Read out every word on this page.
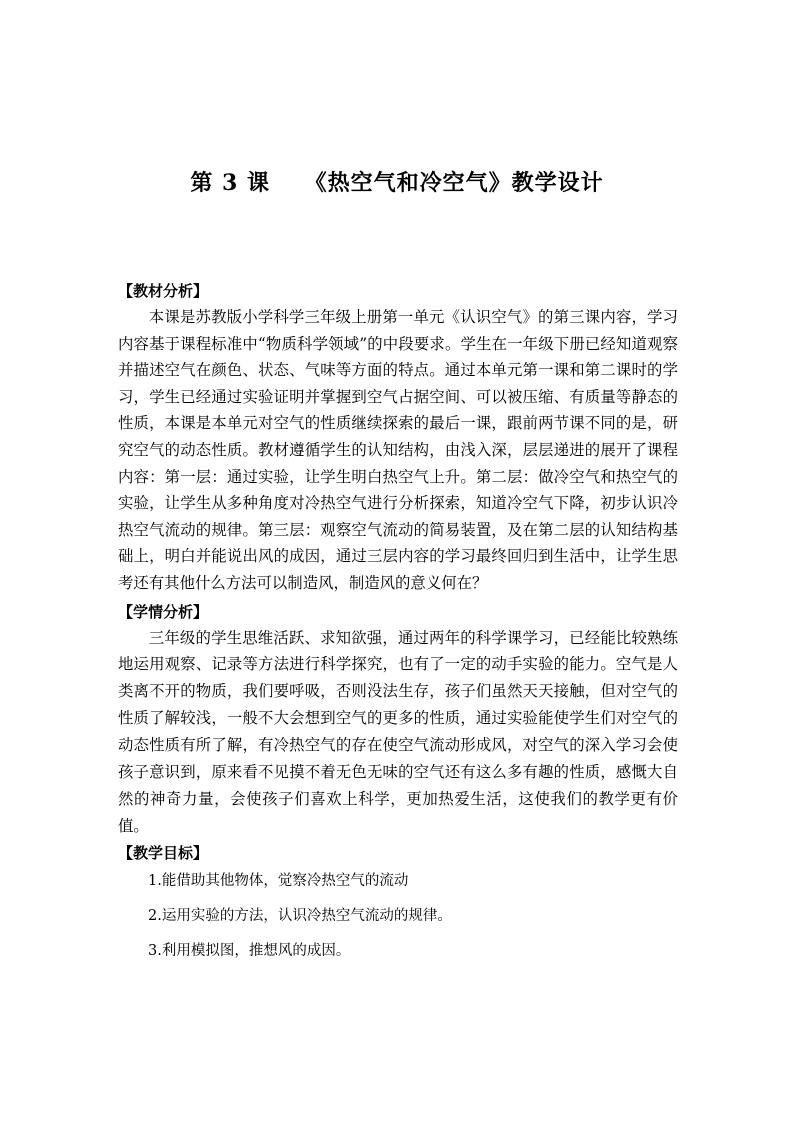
第 3 课    《热空气和冷空气》教学设计
【教材分析】

本课是苏教版小学科学三年级上册第一单元《认识空气》的第三课内容，学习内容基于课程标准中“物质科学领域”的中段要求。学生在一年级下册已经知道观察并描述空气在颜色、状态、气味等方面的特点。通过本单元第一课和第二课时的学习，学生已经通过实验证明并掌握到空气占据空间、可以被压缩、有质量等静态的性质，本课是本单元对空气的性质继续探索的最后一课，跟前两节课不同的是，研究空气的动态性质。教材遵循学生的认知结构，由浅入深，层层递进的展开了课程内容：第一层：通过实验，让学生明白热空气上升。第二层：做冷空气和热空气的实验，让学生从多种角度对冷热空气进行分析探索，知道冷空气下降，初步认识冷热空气流动的规律。第三层：观察空气流动的简易装置，及在第二层的认知结构基础上，明白并能说出风的成因，通过三层内容的学习最终回归到生活中，让学生思考还有其他什么方法可以制造风，制造风的意义何在？

【学情分析】

三年级的学生思维活跃、求知欲强，通过两年的科学课学习，已经能比较熟练地运用观察、记录等方法进行科学探究，也有了一定的动手实验的能力。空气是人类离不开的物质，我们要呼吸，否则没法生存，孩子们虽然天天接触，但对空气的性质了解较浅，一般不大会想到空气的更多的性质，通过实验能使学生们对空气的动态性质有所了解，有冷热空气的存在使空气流动形成风，对空气的深入学习会使孩子意识到，原来看不见摸不着无色无味的空气还有这么多有趣的性质，感慨大自然的神奇力量，会使孩子们喜欢上科学，更加热爱生活，这使我们的教学更有价值。

【教学目标】

1.能借助其他物体，觉察冷热空气的流动

2.运用实验的方法，认识冷热空气流动的规律。

3.利用模拟图，推想风的成因。
